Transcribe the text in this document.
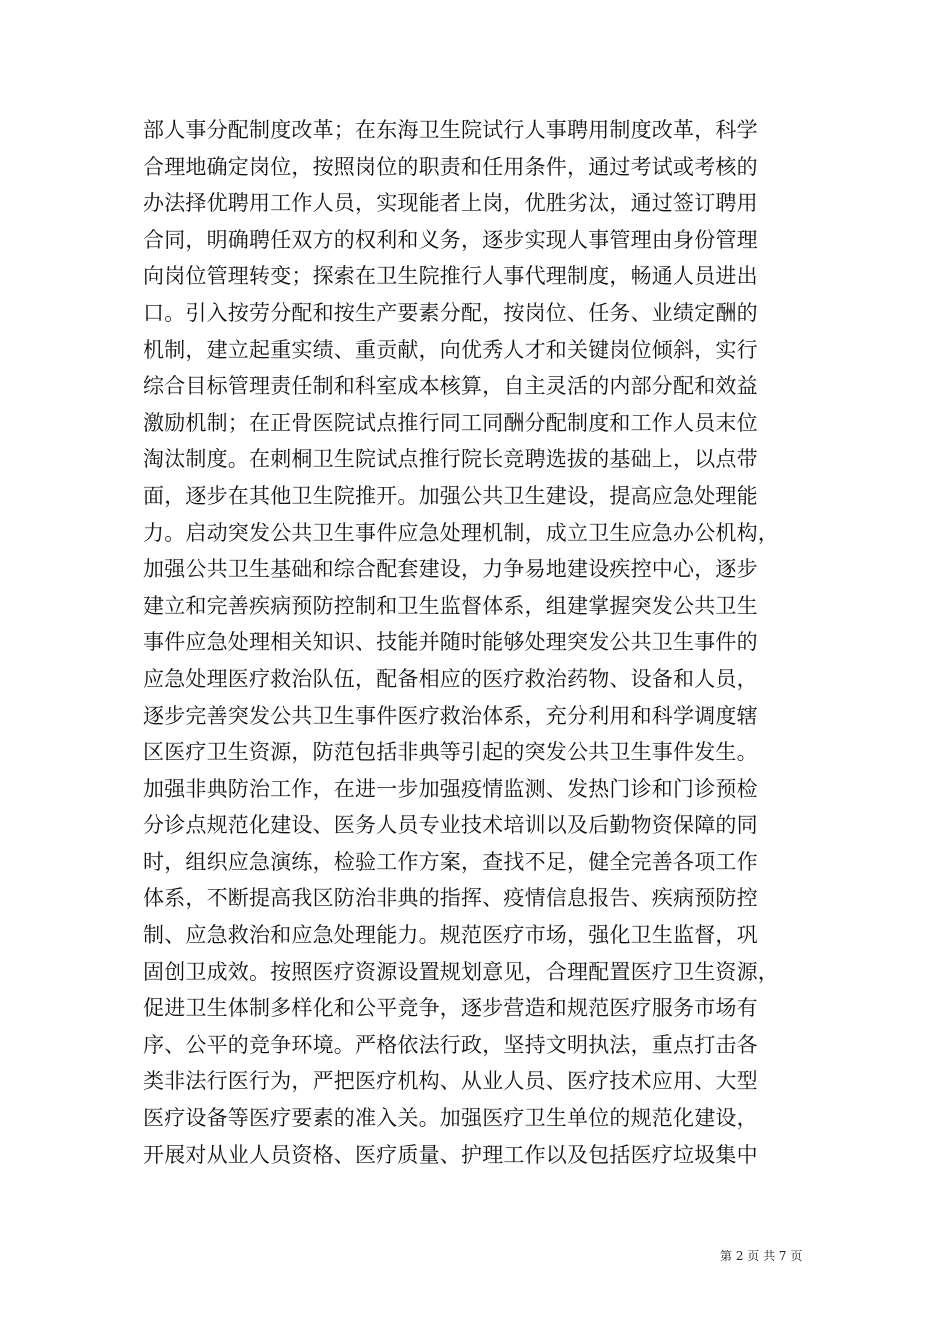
部人事分配制度改革；在东海卫生院试行人事聘用制度改革，科学
合理地确定岗位，按照岗位的职责和任用条件，通过考试或考核的
办法择优聘用工作人员，实现能者上岗，优胜劣汰，通过签订聘用
合同，明确聘任双方的权利和义务，逐步实现人事管理由身份管理
向岗位管理转变；探索在卫生院推行人事代理制度，畅通人员进出
口。引入按劳分配和按生产要素分配，按岗位、任务、业绩定酬的
机制，建立起重实绩、重贡献，向优秀人才和关键岗位倾斜，实行
综合目标管理责任制和科室成本核算，自主灵活的内部分配和效益
激励机制；在正骨医院试点推行同工同酬分配制度和工作人员末位
淘汰制度。在刺桐卫生院试点推行院长竞聘选拔的基础上，以点带
面，逐步在其他卫生院推开。加强公共卫生建设，提高应急处理能
力。启动突发公共卫生事件应急处理机制，成立卫生应急办公机构，
加强公共卫生基础和综合配套建设，力争易地建设疾控中心，逐步
建立和完善疾病预防控制和卫生监督体系，组建掌握突发公共卫生
事件应急处理相关知识、技能并随时能够处理突发公共卫生事件的
应急处理医疗救治队伍，配备相应的医疗救治药物、设备和人员，
逐步完善突发公共卫生事件医疗救治体系，充分利用和科学调度辖
区医疗卫生资源，防范包括非典等引起的突发公共卫生事件发生。
加强非典防治工作，在进一步加强疫情监测、发热门诊和门诊预检
分诊点规范化建设、医务人员专业技术培训以及后勤物资保障的同
时，组织应急演练，检验工作方案，查找不足，健全完善各项工作
体系，不断提高我区防治非典的指挥、疫情信息报告、疾病预防控
制、应急救治和应急处理能力。规范医疗市场，强化卫生监督，巩
固创卫成效。按照医疗资源设置规划意见，合理配置医疗卫生资源，
促进卫生体制多样化和公平竞争，逐步营造和规范医疗服务市场有
序、公平的竞争环境。严格依法行政，坚持文明执法，重点打击各
类非法行医行为，严把医疗机构、从业人员、医疗技术应用、大型
医疗设备等医疗要素的准入关。加强医疗卫生单位的规范化建设，
开展对从业人员资格、医疗质量、护理工作以及包括医疗垃圾集中
第 2 页 共 7 页
